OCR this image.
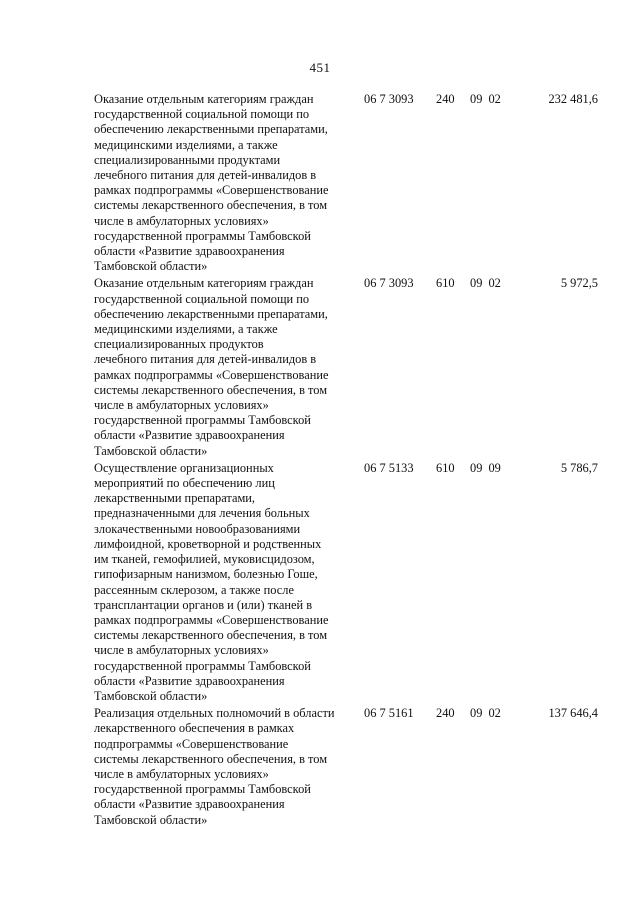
451
Оказание отдельным категориям граждан
государственной социальной помощи по
обеспечению лекарственными препаратами,
медицинскими изделиями, а также
специализированными продуктами
лечебного питания для детей-инвалидов в
рамках подпрограммы «Совершенствование
системы лекарственного обеспечения, в том
числе в амбулаторных условиях»
государственной программы Тамбовской
области «Развитие здравоохранения
Тамбовской области»
06 7 3093 240 09 02	232 481,6
Оказание отдельным категориям граждан
государственной социальной помощи по
обеспечению лекарственными препаратами,
медицинскими изделиями, а также
специализированных продуктов
лечебного питания для детей-инвалидов в
рамках подпрограммы «Совершенствование
системы лекарственного обеспечения, в том
числе в амбулаторных условиях»
государственной программы Тамбовской
области «Развитие здравоохранения
Тамбовской области»
06 7 3093 610 09 02	5 972,5
Осуществление организационных
мероприятий по обеспечению лиц
лекарственными препаратами,
предназначенными для лечения больных
злокачественными новообразованиями
лимфоидной, кроветворной и родственных
им тканей, гемофилией, муковисцидозом,
гипофизарным нанизмом, болезнью Гоше,
рассеянным склерозом, а также после
трансплантации органов и (или) тканей в
рамках подпрограммы «Совершенствование
системы лекарственного обеспечения, в том
числе в амбулаторных условиях»
государственной программы Тамбовской
области «Развитие здравоохранения
Тамбовской области»
06 7 5133 610 09 09	5 786,7
Реализация отдельных полномочий в области
лекарственного обеспечения в рамках
подпрограммы «Совершенствование
системы лекарственного обеспечения, в том
числе в амбулаторных условиях»
государственной программы Тамбовской
области «Развитие здравоохранения
Тамбовской области»
06 7 5161 240 09 02	137 646,4
